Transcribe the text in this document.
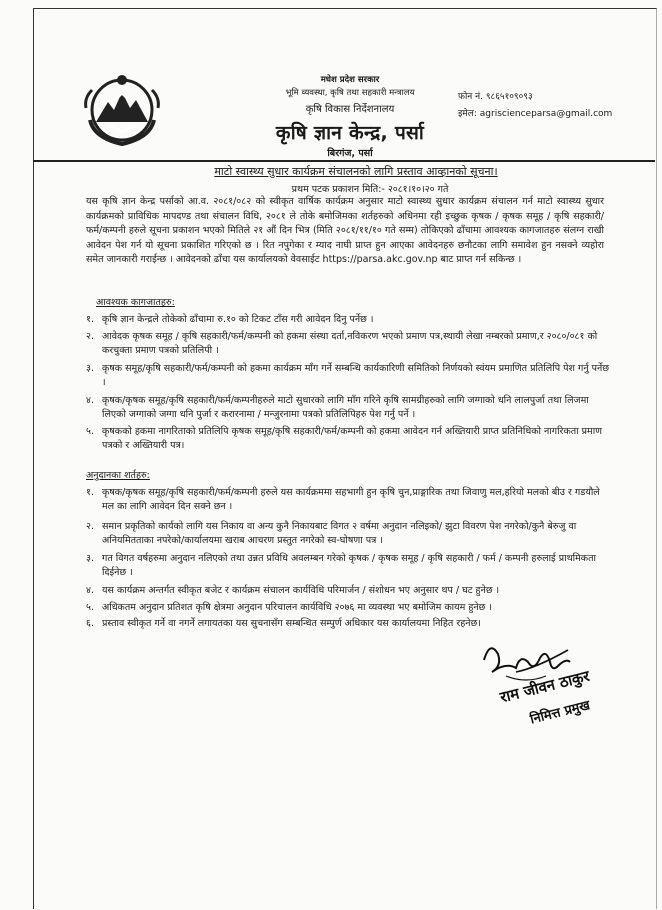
मधेश प्रदेश सरकार
भूमि व्यवस्था, कृषि तथा सहकारी मन्त्रालय
कृषि विकास निर्देशनालय
कृषि ज्ञान केन्द्र, पर्सा
बिरगंज, पर्सा
फोन नं. ९८६५१०९०९३
इमेल: agriscienceparsa@gmail.com
माटो स्वास्थ्य सुधार कार्यक्रम संचालनको लागि प्रस्ताव आव्हानको सूचना।
प्रथम पटक प्रकाशन मिति:- २०८१।१०।२० गते
यस कृषि ज्ञान केन्द्र पर्साको आ.व. २०८१/०८२ को स्वीकृत वार्षिक कार्यक्रम अनुसार माटो स्वास्थ्य सुधार कार्यक्रम संचालन गर्न माटो स्वास्थ्य सुधार कार्यक्रमको प्राविधिक मापदण्ड तथा संचालन विधि, २०८१ ले तोके बमोजिमका शर्तहरुको अधिनमा रही इच्छुक कृषक / कृषक समूह / कृषि सहकारी/फर्म/कम्पनी हरुले सूचना प्रकाशन भएको मितिले २१ औं दिन भित्र (मिति २०८१/११/१० गते सम्म) तोकिएको ढाँचामा आवश्यक कागजातहरु संलग्न राखी आवेदन पेश गर्न यो सूचना प्रकाशित गरिएको छ । रित नपुगेका र म्याद नाघी प्राप्त हुन आएका आवेदनहरु छनौटका लागि समावेश हुन नसक्ने व्यहोरा समेत जानकारी गराईन्छ । आवेदनको ढाँचा यस कार्यालयको वेवसाईट https://parsa.akc.gov.np बाट प्राप्त गर्न सकिन्छ ।
आवश्यक कागजातहरु:
१. कृषि ज्ञान केन्द्रले तोकेको ढाँचामा रु.१० को टिकट टाँस गरी आवेदन दिनु पर्नेछ ।
२. आवेदक कृषक समूह / कृषि सहकारी/फर्म/कम्पनी को हकमा संस्था दर्ता,नविकरण भएको प्रमाण पत्र,स्थायी लेखा नम्बरको प्रमाण,र २०८०/०८१ को करचुक्ता प्रमाण पत्रको प्रतिलिपी ।
३. कृषक समूह/कृषि सहकारी/फर्म/कम्पनी को हकमा कार्यक्रम माँग गर्ने सम्बन्धि कार्यकारिणी समितिको निर्णयको स्वंयम प्रमाणित प्रतिलिपि पेश गर्नु पर्नेछ ।
४. कृषक/कृषक समूह/कृषि सहकारी/फर्म/कम्पनीहरुले माटो सुधारको लागि माँग गरिने कृषि सामग्रीहरुको लागि जग्गाको धनि लालपुर्जा तथा लिजमा लिएको जग्गाको जग्गा धनि पुर्जा र करारनामा / मन्जुरनामा पत्रको प्रतिलिपिहरु पेश गर्नु पर्ने ।
५. कृषकको हकमा नागरिताको प्रतिलिपि कृषक समूह/कृषि सहकारी/फर्म/कम्पनी को हकमा आवेदन गर्न अख्तियारी प्राप्त प्रतिनिधिको नागरिकता प्रमाण पत्रको र अख्तियारी पत्र।
अनुदानका शर्तहरु:
१. कृषक/कृषक समूह/कृषि सहकारी/फर्म/कम्पनी हरुले यस कार्यक्रममा सहभागी हुन कृषि चुन,प्राङ्गारिक तथा जिवाणु मल,हरियो मलको बीउ र गडयौले मल का लागि आवेदन दिन सक्ने छन ।
२. समान प्रकृतिको कार्यको लागि यस निकाय वा अन्य कुनै निकायबाट विगत २ वर्षमा अनुदान नलिइको/ झुटा विवरण पेश नगरेको/कुनै बेरुजु वा अनियमितताका नपरेको/कार्यालयमा खराब आचरण प्रस्तुत नगरेको स्व-घोषणा पत्र ।
३. गत विगत वर्षहरुमा अनुदान नलिएको तथा उन्नत प्रविधि अवलम्बन गरेको कृषक / कृषक समूह / कृषि सहकारी / फर्म / कम्पनी हरुलाई प्राथमिकता दिईनेछ ।
४. यस कार्यक्रम अन्तर्गत स्वीकृत बजेट र कार्यक्रम संचालन कार्यविधि परिमार्जन / संशोधन भए अनुसार थप / घट हुनेछ ।
५. अधिकतम अनुदान प्रतिशत कृषि क्षेत्रमा अनुदान परिचालन कार्यविधि २०७६ मा व्यवस्था भए बमोजिम कायम हुनेछ ।
६. प्रस्ताव स्वीकृत गर्ने वा नगर्ने लगायतका यस सुचनासँग सम्बन्धित सम्पुर्ण अधिकार यस कार्यालयमा निहित रहनेछ।
राम जीवन ठाकुर
निमित्त प्रमुख
